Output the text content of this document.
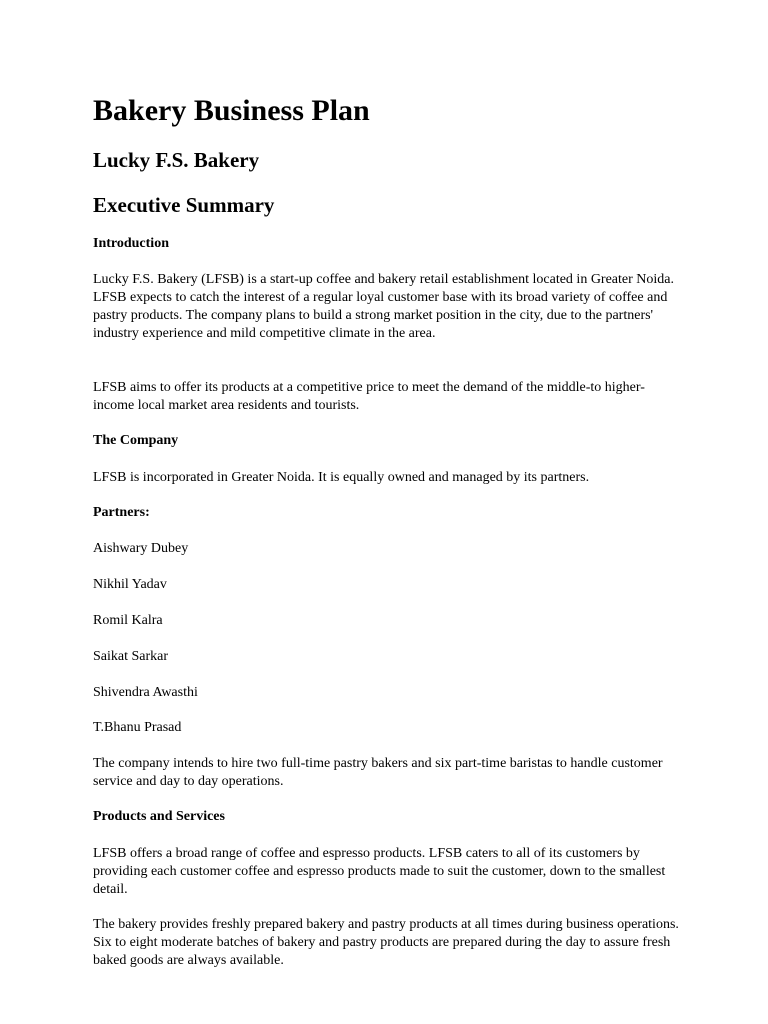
Bakery Business Plan
Lucky F.S. Bakery
Executive Summary
Introduction

Lucky F.S. Bakery (LFSB) is a start-up coffee and bakery retail establishment located in Greater Noida. LFSB expects to catch the interest of a regular loyal customer base with its broad variety of coffee and pastry products. The company plans to build a strong market position in the city, due to the partners' industry experience and mild competitive climate in the area.

LFSB aims to offer its products at a competitive price to meet the demand of the middle-to higher-income local market area residents and tourists.

The Company

LFSB is incorporated in Greater Noida. It is equally owned and managed by its partners.

Partners:

Aishwary Dubey

Nikhil Yadav

Romil Kalra

Saikat Sarkar

Shivendra Awasthi

T.Bhanu Prasad

The company intends to hire two full-time pastry bakers and six part-time baristas to handle customer service and day to day operations.

Products and Services

LFSB offers a broad range of coffee and espresso products. LFSB caters to all of its customers by providing each customer coffee and espresso products made to suit the customer, down to the smallest detail.

The bakery provides freshly prepared bakery and pastry products at all times during business operations. Six to eight moderate batches of bakery and pastry products are prepared during the day to assure fresh baked goods are always available.
